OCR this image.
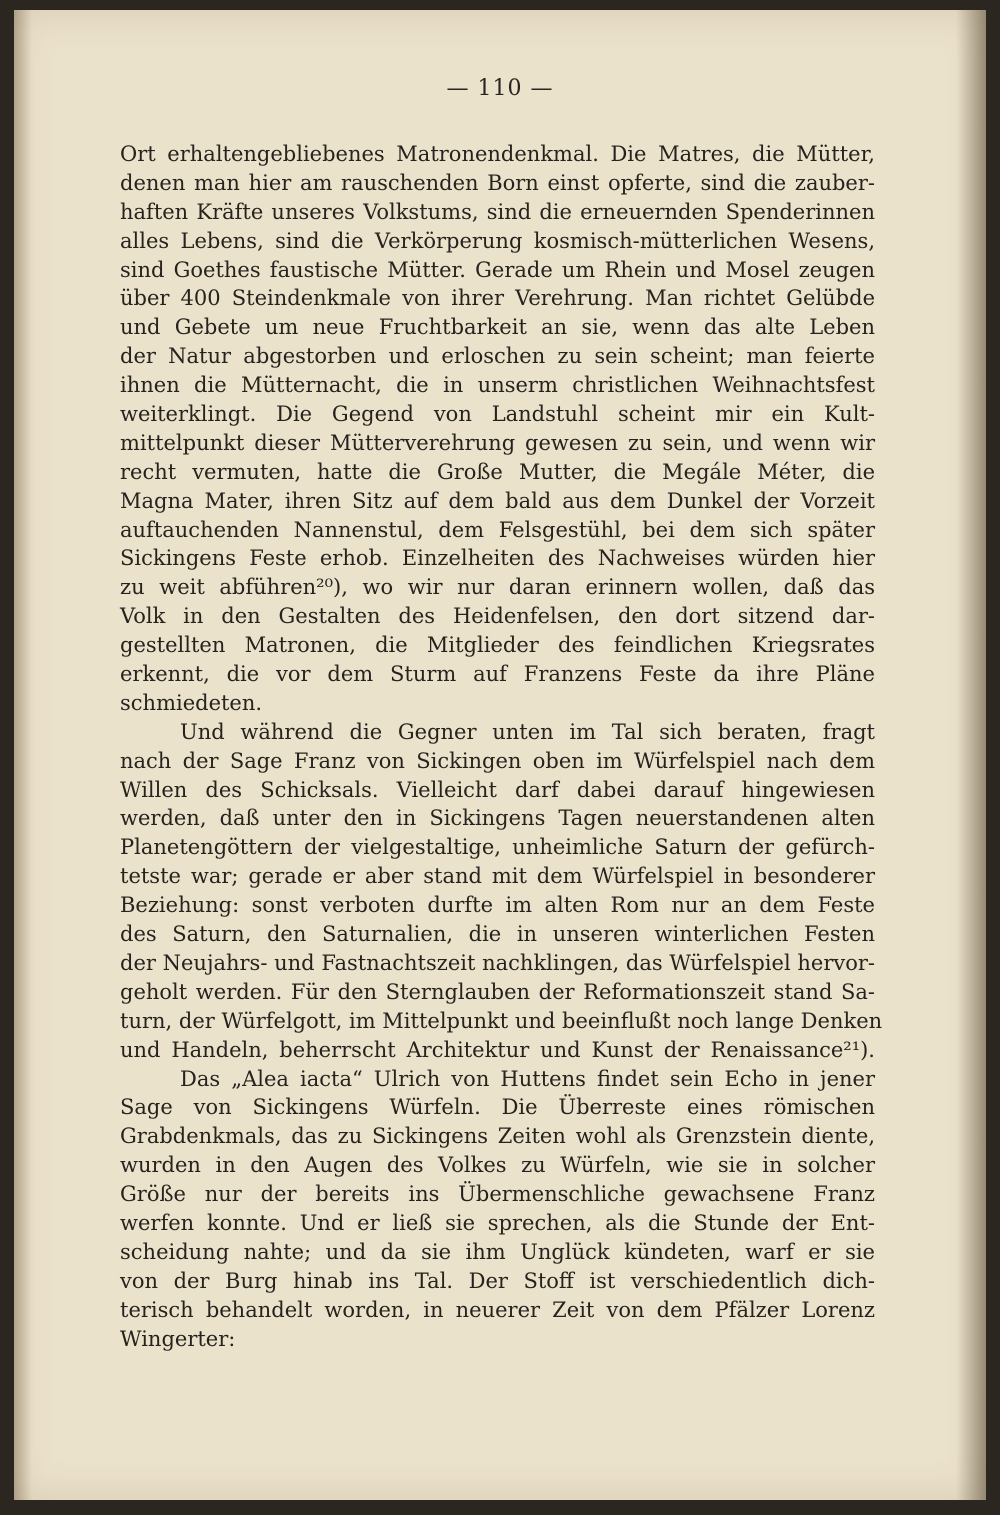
— 110 —
Ort erhaltengebliebenes Matronendenkmal. Die Matres, die Mütter,
denen man hier am rauschenden Born einst opferte, sind die zauber-
haften Kräfte unseres Volkstums, sind die erneuernden Spenderinnen
alles Lebens, sind die Verkörperung kosmisch-mütterlichen Wesens,
sind Goethes faustische Mütter. Gerade um Rhein und Mosel zeugen
über 400 Steindenkmale von ihrer Verehrung. Man richtet Gelübde
und Gebete um neue Fruchtbarkeit an sie, wenn das alte Leben
der Natur abgestorben und erloschen zu sein scheint; man feierte
ihnen die Mütternacht, die in unserm christlichen Weihnachtsfest
weiterklingt. Die Gegend von Landstuhl scheint mir ein Kult-
mittelpunkt dieser Mütterverehrung gewesen zu sein, und wenn wir
recht vermuten, hatte die Große Mutter, die Megále Méter, die
Magna Mater, ihren Sitz auf dem bald aus dem Dunkel der Vorzeit
auftauchenden Nannenstul, dem Felsgestühl, bei dem sich später
Sickingens Feste erhob. Einzelheiten des Nachweises würden hier
zu weit abführen²⁰), wo wir nur daran erinnern wollen, daß das
Volk in den Gestalten des Heidenfelsen, den dort sitzend dar-
gestellten Matronen, die Mitglieder des feindlichen Kriegsrates
erkennt, die vor dem Sturm auf Franzens Feste da ihre Pläne
schmiedeten.
Und während die Gegner unten im Tal sich beraten, fragt
nach der Sage Franz von Sickingen oben im Würfelspiel nach dem
Willen des Schicksals. Vielleicht darf dabei darauf hingewiesen
werden, daß unter den in Sickingens Tagen neuerstandenen alten
Planetengöttern der vielgestaltige, unheimliche Saturn der gefürch-
tetste war; gerade er aber stand mit dem Würfelspiel in besonderer
Beziehung: sonst verboten durfte im alten Rom nur an dem Feste
des Saturn, den Saturnalien, die in unseren winterlichen Festen
der Neujahrs- und Fastnachtszeit nachklingen, das Würfelspiel hervor-
geholt werden. Für den Sternglauben der Reformationszeit stand Sa-
turn, der Würfelgott, im Mittelpunkt und beeinflußt noch lange Denken
und Handeln, beherrscht Architektur und Kunst der Renaissance²¹).
Das „Alea iacta“ Ulrich von Huttens findet sein Echo in jener
Sage von Sickingens Würfeln. Die Überreste eines römischen
Grabdenkmals, das zu Sickingens Zeiten wohl als Grenzstein diente,
wurden in den Augen des Volkes zu Würfeln, wie sie in solcher
Größe nur der bereits ins Übermenschliche gewachsene Franz
werfen konnte. Und er ließ sie sprechen, als die Stunde der Ent-
scheidung nahte; und da sie ihm Unglück kündeten, warf er sie
von der Burg hinab ins Tal. Der Stoff ist verschiedentlich dich-
terisch behandelt worden, in neuerer Zeit von dem Pfälzer Lorenz
Wingerter:
